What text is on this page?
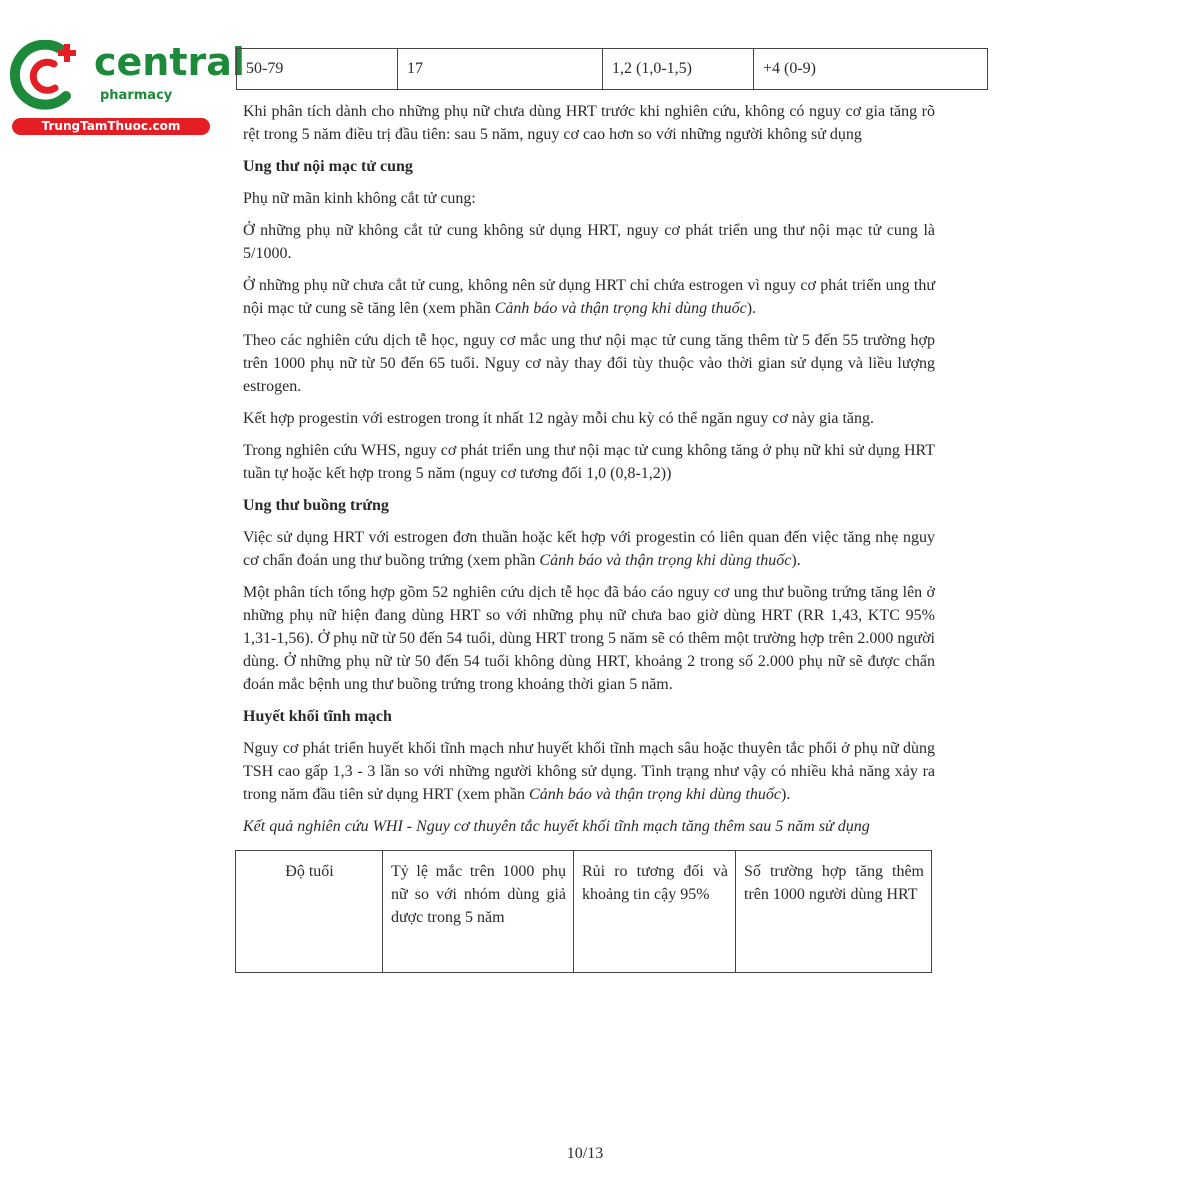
central
pharmacy
TrungTamThuoc.com
50-79	17	1,2 (1,0-1,5)	+4 (0-9)

Khi phân tích dành cho những phụ nữ chưa dùng HRT trước khi nghiên cứu, không có nguy cơ gia tăng rõ rệt trong 5 năm điều trị đầu tiên: sau 5 năm, nguy cơ cao hơn so với những người không sử dụng

Ung thư nội mạc tử cung

Phụ nữ mãn kinh không cắt tử cung:

Ở những phụ nữ không cắt tử cung không sử dụng HRT, nguy cơ phát triển ung thư nội mạc tử cung là 5/1000.

Ở những phụ nữ chưa cắt tử cung, không nên sử dụng HRT chỉ chứa estrogen vì nguy cơ phát triển ung thư nội mạc tử cung sẽ tăng lên (xem phần Cảnh báo và thận trọng khi dùng thuốc).

Theo các nghiên cứu dịch tễ học, nguy cơ mắc ung thư nội mạc tử cung tăng thêm từ 5 đến 55 trường hợp trên 1000 phụ nữ từ 50 đến 65 tuổi. Nguy cơ này thay đổi tùy thuộc vào thời gian sử dụng và liều lượng estrogen.

Kết hợp progestin với estrogen trong ít nhất 12 ngày mỗi chu kỳ có thể ngăn nguy cơ này gia tăng.

Trong nghiên cứu WHS, nguy cơ phát triển ung thư nội mạc tử cung không tăng ở phụ nữ khi sử dụng HRT tuần tự hoặc kết hợp trong 5 năm (nguy cơ tương đối 1,0 (0,8-1,2))

Ung thư buồng trứng

Việc sử dụng HRT với estrogen đơn thuần hoặc kết hợp với progestin có liên quan đến việc tăng nhẹ nguy cơ chẩn đoán ung thư buồng trứng (xem phần Cảnh báo và thận trọng khi dùng thuốc).

Một phân tích tổng hợp gồm 52 nghiên cứu dịch tễ học đã báo cáo nguy cơ ung thư buồng trứng tăng lên ở những phụ nữ hiện đang dùng HRT so với những phụ nữ chưa bao giờ dùng HRT (RR 1,43, KTC 95% 1,31-1,56). Ở phụ nữ từ 50 đến 54 tuổi, dùng HRT trong 5 năm sẽ có thêm một trường hợp trên 2.000 người dùng. Ở những phụ nữ từ 50 đến 54 tuổi không dùng HRT, khoảng 2 trong số 2.000 phụ nữ sẽ được chẩn đoán mắc bệnh ung thư buồng trứng trong khoảng thời gian 5 năm.

Huyết khối tĩnh mạch

Nguy cơ phát triển huyết khối tĩnh mạch như huyết khối tĩnh mạch sâu hoặc thuyên tắc phổi ở phụ nữ dùng TSH cao gấp 1,3 - 3 lần so với những người không sử dụng. Tình trạng như vậy có nhiều khả năng xảy ra trong năm đầu tiên sử dụng HRT (xem phần Cảnh báo và thận trọng khi dùng thuốc).

Kết quả nghiên cứu WHI - Nguy cơ thuyên tắc huyết khối tĩnh mạch tăng thêm sau 5 năm sử dụng

Độ tuổi	Tỷ lệ mắc trên 1000 phụ nữ so với nhóm dùng giả dược trong 5 năm	Rủi ro tương đối và khoảng tin cậy 95%	Số trường hợp tăng thêm trên 1000 người dùng HRT
10/13
